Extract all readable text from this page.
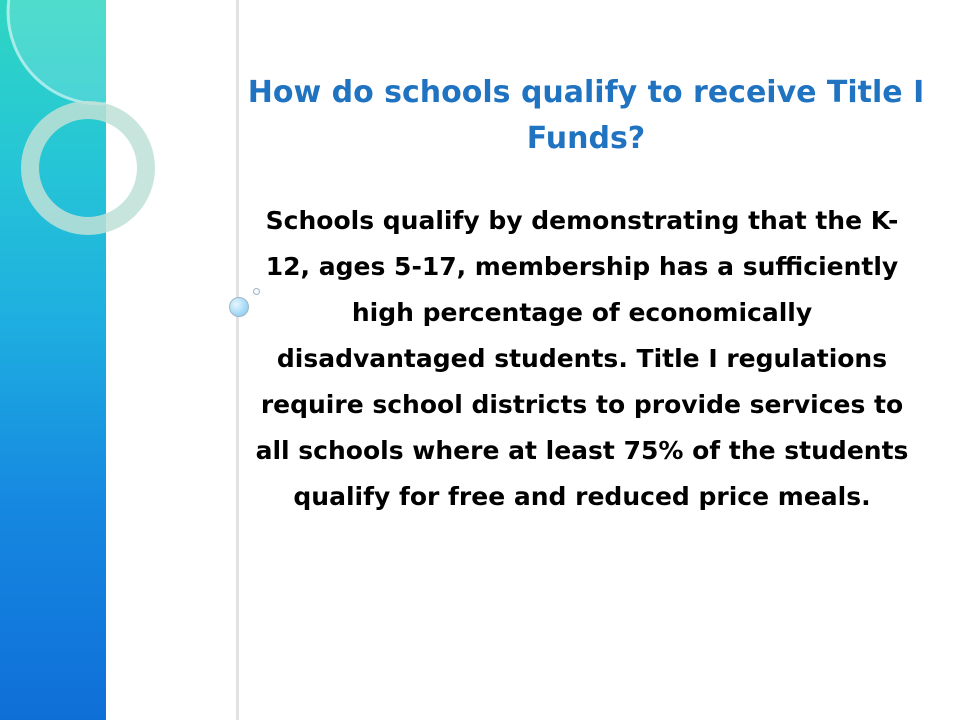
How do schools qualify to receive Title I Funds?

Schools qualify by demonstrating that the K-12, ages 5-17, membership has a sufficiently high percentage of economically disadvantaged students. Title I regulations require school districts to provide services to all schools where at least 75% of the students qualify for free and reduced price meals.
